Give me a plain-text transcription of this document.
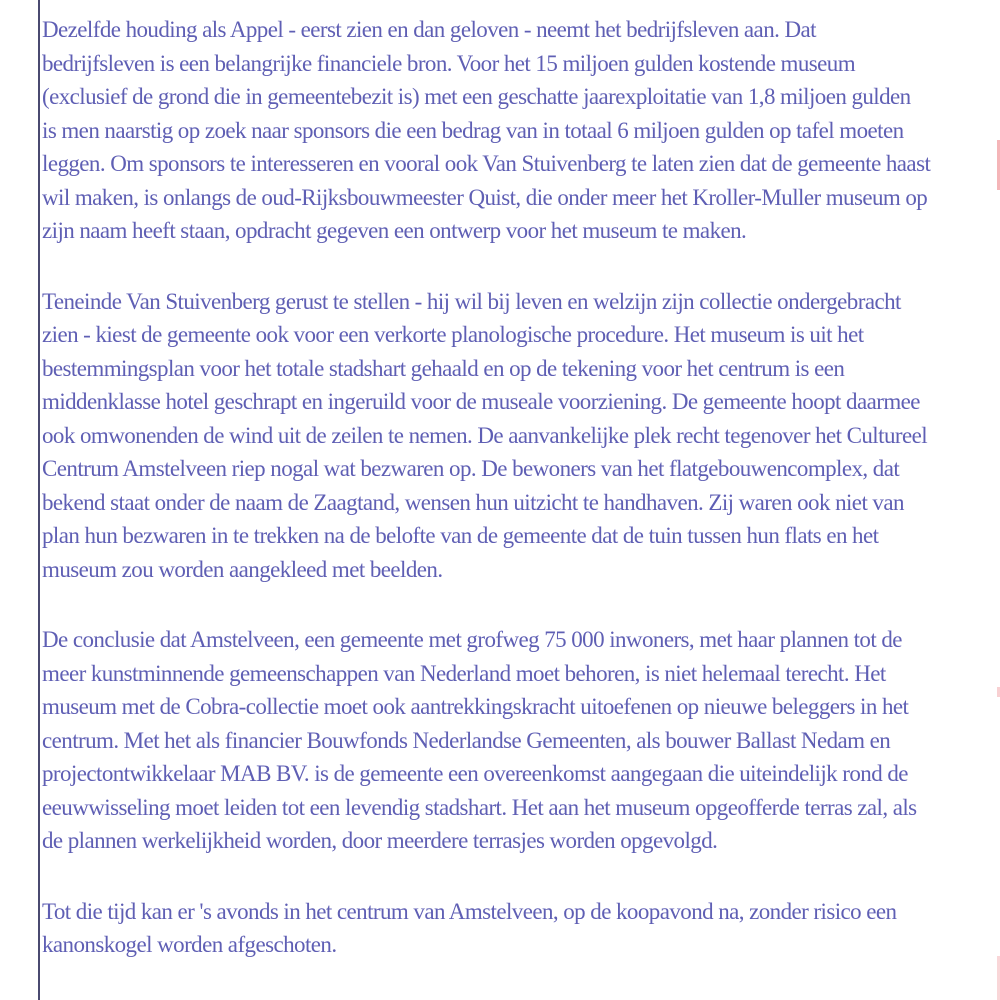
Dezelfde houding als Appel - eerst zien en dan geloven - neemt het bedrijfsleven aan. Dat
bedrijfsleven is een belangrijke financiele bron. Voor het 15 miljoen gulden kostende museum
(exclusief de grond die in gemeentebezit is) met een geschatte jaarexploitatie van 1,8 miljoen gulden
is men naarstig op zoek naar sponsors die een bedrag van in totaal 6 miljoen gulden op tafel moeten
leggen. Om sponsors te interesseren en vooral ook Van Stuivenberg te laten zien dat de gemeente haast
wil maken, is onlangs de oud-Rijksbouwmeester Quist, die onder meer het Kroller-Muller museum op
zijn naam heeft staan, opdracht gegeven een ontwerp voor het museum te maken.
Teneinde Van Stuivenberg gerust te stellen - hij wil bij leven en welzijn zijn collectie ondergebracht
zien - kiest de gemeente ook voor een verkorte planologische procedure. Het museum is uit het
bestemmingsplan voor het totale stadshart gehaald en op de tekening voor het centrum is een
middenklasse hotel geschrapt en ingeruild voor de museale voorziening. De gemeente hoopt daarmee
ook omwonenden de wind uit de zeilen te nemen. De aanvankelijke plek recht tegenover het Cultureel
Centrum Amstelveen riep nogal wat bezwaren op. De bewoners van het flatgebouwencomplex, dat
bekend staat onder de naam de Zaagtand, wensen hun uitzicht te handhaven. Zij waren ook niet van
plan hun bezwaren in te trekken na de belofte van de gemeente dat de tuin tussen hun flats en het
museum zou worden aangekleed met beelden.
De conclusie dat Amstelveen, een gemeente met grofweg 75 000 inwoners, met haar plannen tot de
meer kunstminnende gemeenschappen van Nederland moet behoren, is niet helemaal terecht. Het
museum met de Cobra-collectie moet ook aantrekkingskracht uitoefenen op nieuwe beleggers in het
centrum. Met het als financier Bouwfonds Nederlandse Gemeenten, als bouwer Ballast Nedam en
projectontwikkelaar MAB BV. is de gemeente een overeenkomst aangegaan die uiteindelijk rond de
eeuwwisseling moet leiden tot een levendig stadshart. Het aan het museum opgeofferde terras zal, als
de plannen werkelijkheid worden, door meerdere terrasjes worden opgevolgd.
Tot die tijd kan er 's avonds in het centrum van Amstelveen, op de koopavond na, zonder risico een
kanonskogel worden afgeschoten.
